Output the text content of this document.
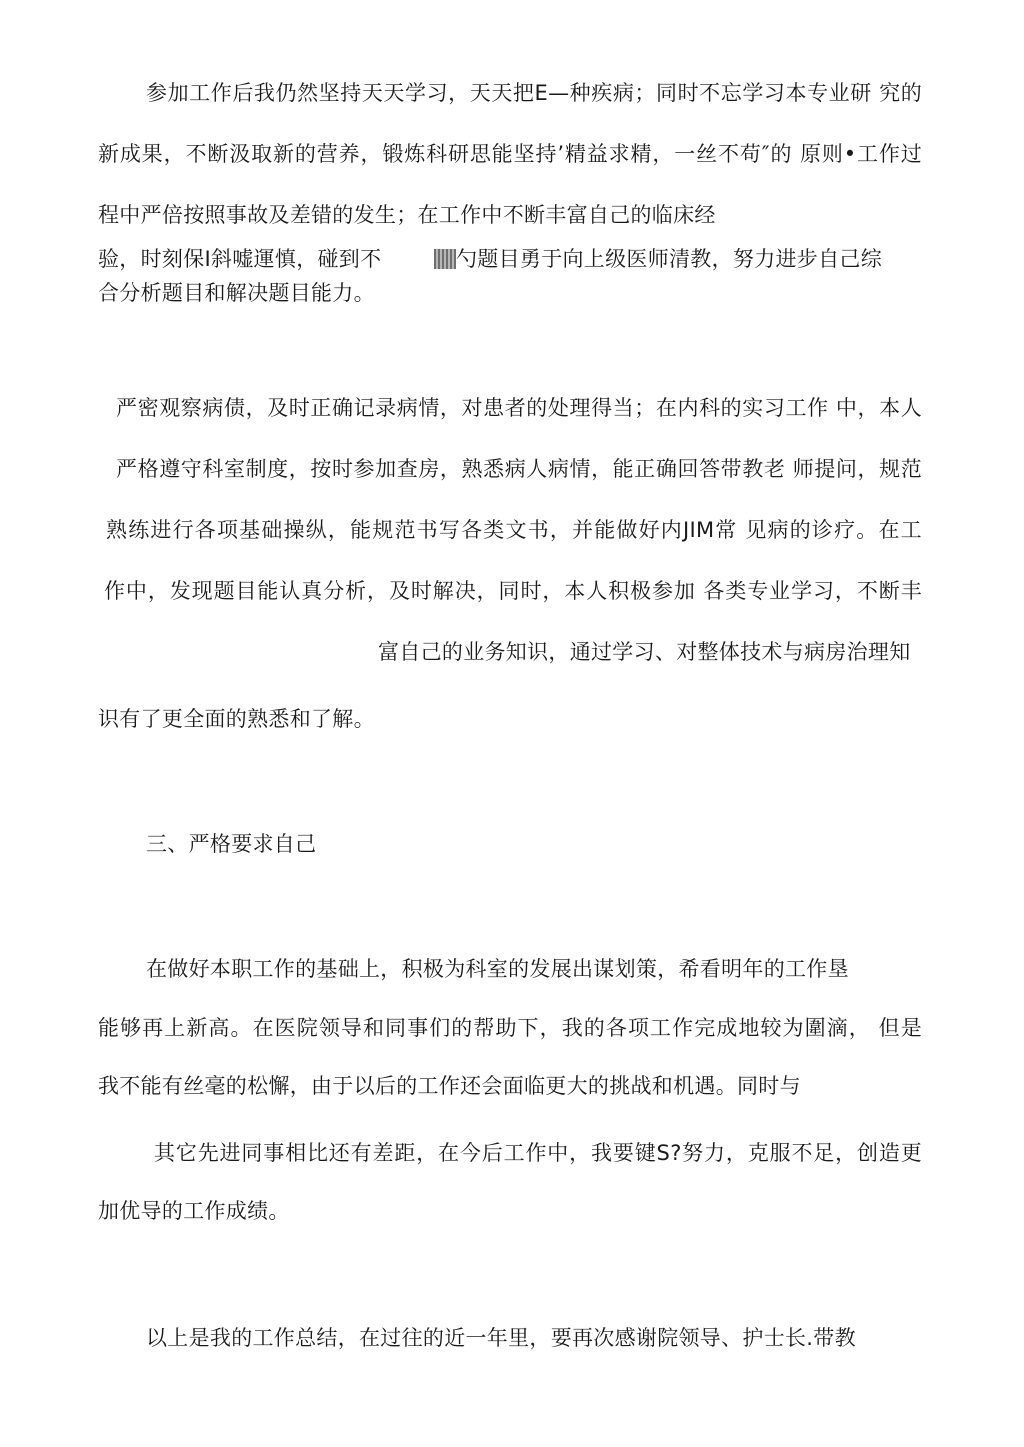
参加工作后我仍然坚持天天学习，天天把E—种疾病；同时不忘学习本专业研 究的
新成果，不断汲取新的营养，锻炼科研思能坚持’精益求精，一丝不苟″的 原则•工作过
程中严倍按照事故及差错的发生；在工作中不断丰富自己的临床经
验，时刻保I斜嘘運慎，碰到不	勺题目勇于向上级医师清教，努力进步自己综
合分析题目和解决题目能力。
严密观察病债，及时正确记录病情，对患者的处理得当；在内科的实习工作 中，本人
严格遵守科室制度，按时参加查房，熟悉病人病情，能正确回答带教老 师提问，规范
熟练进行各项基础操纵，能规范书写各类文书，并能做好内JIM常 见病的诊疗。在工
作中，发现题目能认真分析，及时解决，同时，本人积极参加 各类专业学习，不断丰
富自己的业务知识，通过学习、对整体技术与病房治理知
识有了更全面的熟悉和了解。
三、严格要求自己
在做好本职工作的基础上，积极为科室的发展出谋划策，希看明年的工作垦
能够再上新高。在医院领导和同事们的帮助下，我的各项工作完成地较为圍滴， 但是
我不能有丝毫的松懈，由于以后的工作还会面临更大的挑战和机遇。同时与
其它先进同事相比还有差距，在今后工作中，我要键S?努力，克服不足，创造更
加优导的工作成绩。
以上是我的工作总结，在过往的近一年里，要再次感谢院领导、护士长.带教
